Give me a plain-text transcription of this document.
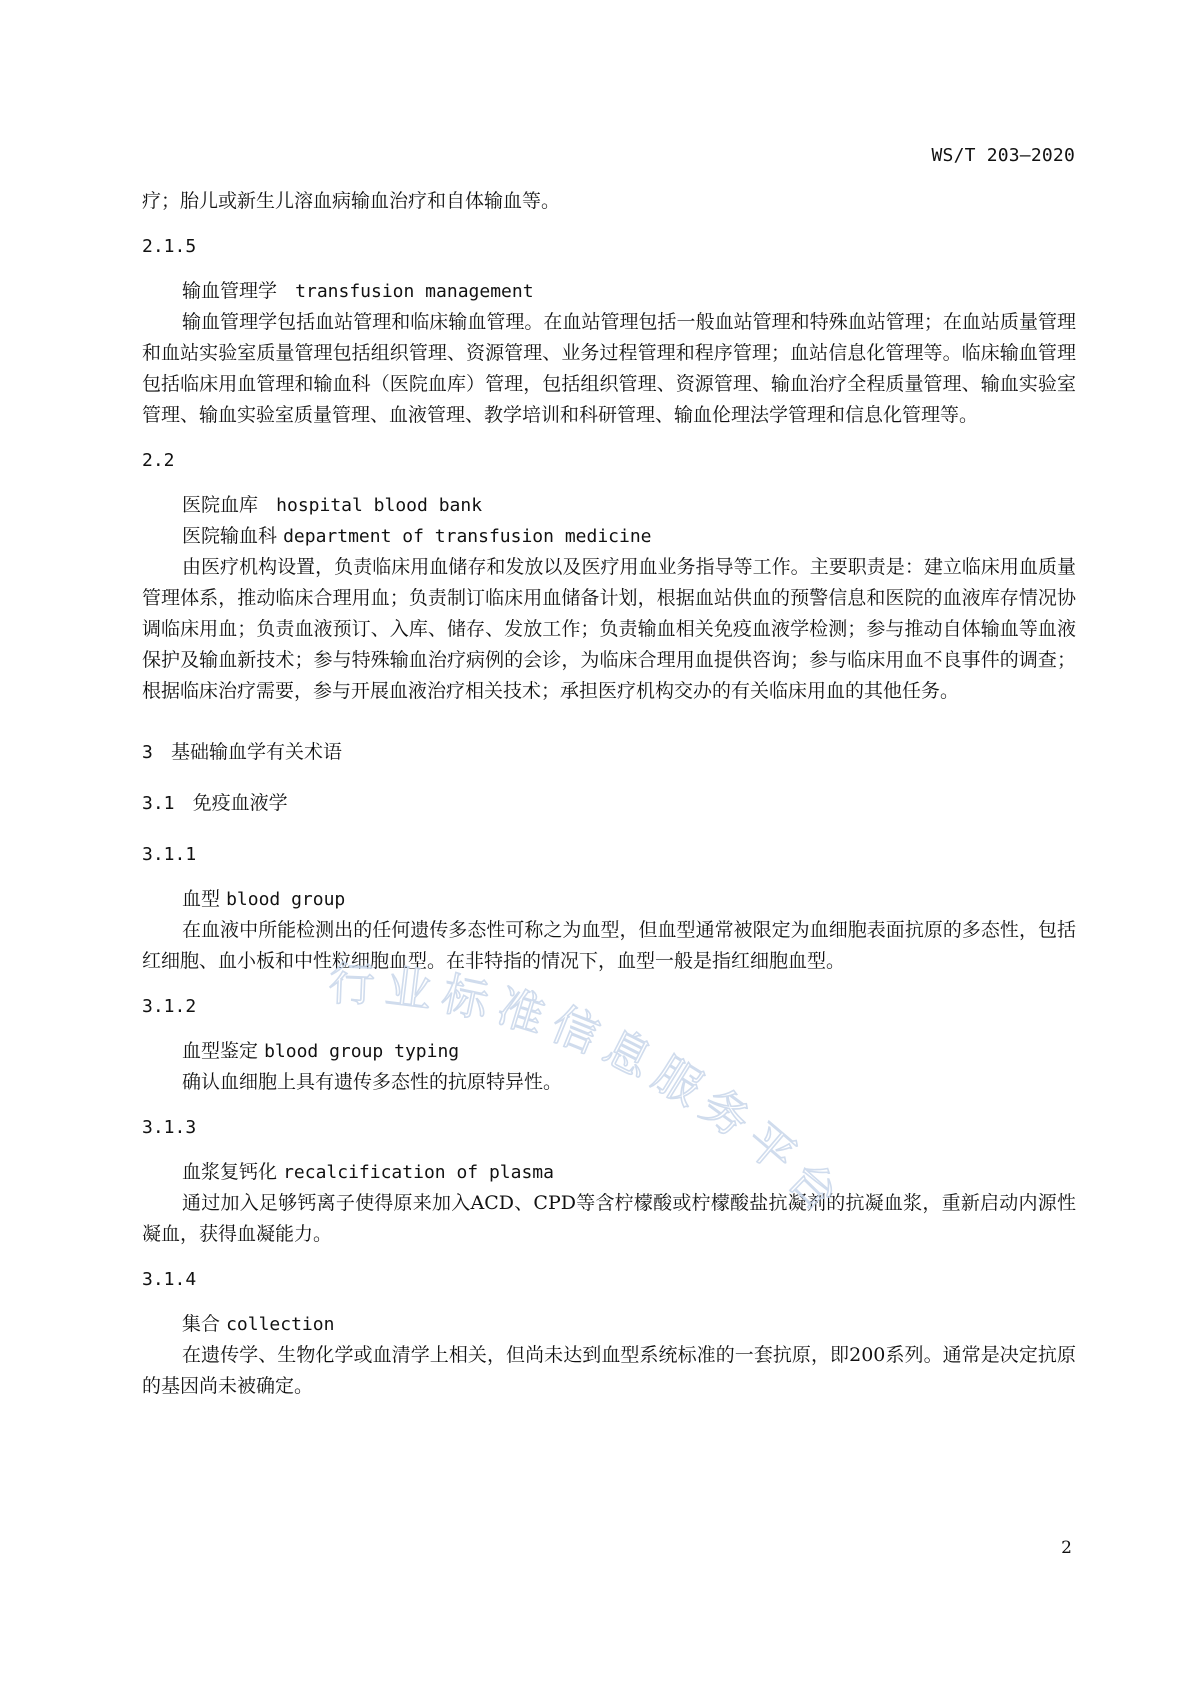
WS/T 203—2020

疗；胎儿或新生儿溶血病输血治疗和自体输血等。

2.1.5

输血管理学 transfusion management

输血管理学包括血站管理和临床输血管理。在血站管理包括一般血站管理和特殊血站管理；在血站质量管理和血站实验室质量管理包括组织管理、资源管理、业务过程管理和程序管理；血站信息化管理等。临床输血管理包括临床用血管理和输血科（医院血库）管理，包括组织管理、资源管理、输血治疗全程质量管理、输血实验室管理、输血实验室质量管理、血液管理、教学培训和科研管理、输血伦理法学管理和信息化管理等。

2.2

医院血库 hospital blood bank

医院输血科 department of transfusion medicine

由医疗机构设置，负责临床用血储存和发放以及医疗用血业务指导等工作。主要职责是：建立临床用血质量管理体系，推动临床合理用血；负责制订临床用血储备计划，根据血站供血的预警信息和医院的血液库存情况协调临床用血；负责血液预订、入库、储存、发放工作；负责输血相关免疫血液学检测；参与推动自体输血等血液保护及输血新技术；参与特殊输血治疗病例的会诊，为临床合理用血提供咨询；参与临床用血不良事件的调查；根据临床治疗需要，参与开展血液治疗相关技术；承担医疗机构交办的有关临床用血的其他任务。

3 基础输血学有关术语

3.1 免疫血液学

3.1.1

血型 blood group

在血液中所能检测出的任何遗传多态性可称之为血型，但血型通常被限定为血细胞表面抗原的多态性，包括红细胞、血小板和中性粒细胞血型。在非特指的情况下，血型一般是指红细胞血型。

3.1.2

血型鉴定 blood group typing

确认血细胞上具有遗传多态性的抗原特异性。

3.1.3

血浆复钙化 recalcification of plasma

通过加入足够钙离子使得原来加入ACD、CPD等含柠檬酸或柠檬酸盐抗凝剂的抗凝血浆，重新启动内源性凝血，获得血凝能力。

3.1.4

集合 collection

在遗传学、生物化学或血清学上相关，但尚未达到血型系统标准的一套抗原，即200系列。通常是决定抗原的基因尚未被确定。

行业标准信息服务平台
2
